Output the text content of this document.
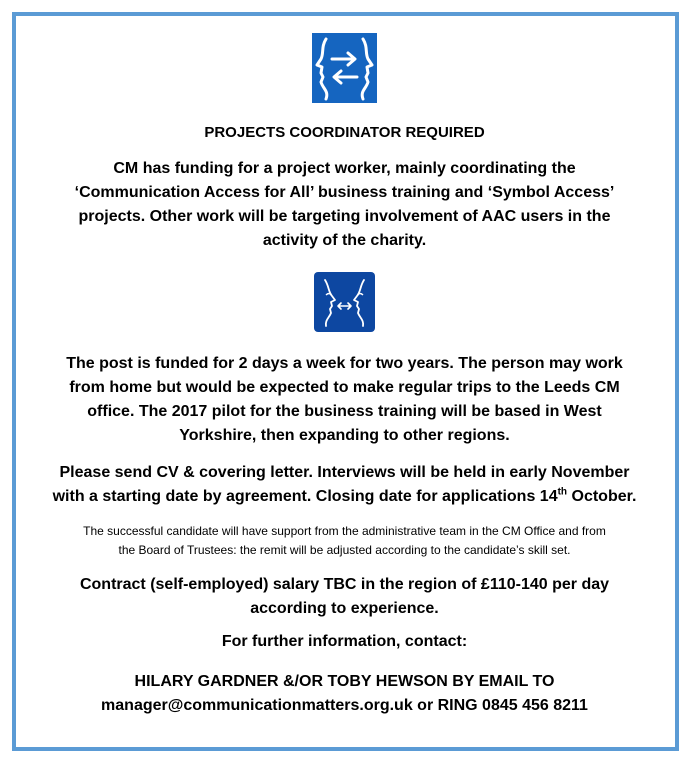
PROJECTS COORDINATOR REQUIRED
CM has funding for a project worker, mainly coordinating the
‘Communication Access for All’ business training and ‘Symbol Access’
projects. Other work will be targeting involvement of AAC users in the
activity of the charity.
The post is funded for 2 days a week for two years. The person may work
from home but would be expected to make regular trips to the Leeds CM
office. The 2017 pilot for the business training will be based in West
Yorkshire, then expanding to other regions.
Please send CV & covering letter. Interviews will be held in early November
with a starting date by agreement. Closing date for applications 14th October.
The successful candidate will have support from the administrative team in the CM Office and from
the Board of Trustees: the remit will be adjusted according to the candidate’s skill set.
Contract (self-employed) salary TBC in the region of £110-140 per day
according to experience.
For further information, contact:
HILARY GARDNER &/OR TOBY HEWSON BY EMAIL TO
manager@communicationmatters.org.uk or RING 0845 456 8211
